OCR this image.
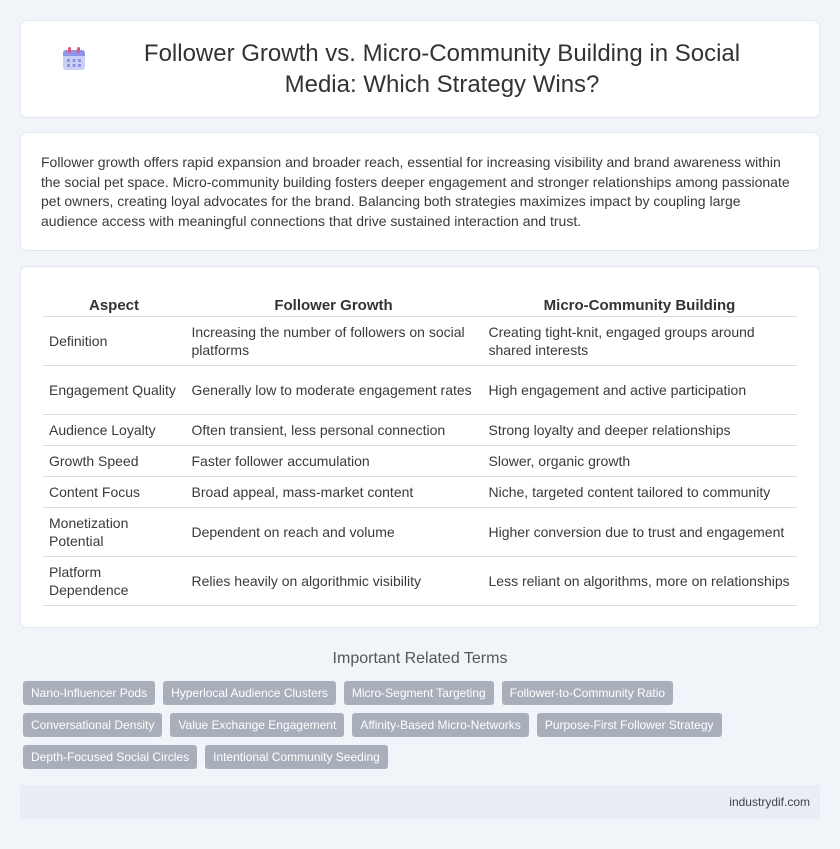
Follower Growth vs. Micro-Community Building in Social Media: Which Strategy Wins?

Follower growth offers rapid expansion and broader reach, essential for increasing visibility and brand awareness within the social pet space. Micro-community building fosters deeper engagement and stronger relationships among passionate pet owners, creating loyal advocates for the brand. Balancing both strategies maximizes impact by coupling large audience access with meaningful connections that drive sustained interaction and trust.

Aspect	Follower Growth	Micro-Community Building
Definition	Increasing the number of followers on social platforms	Creating tight-knit, engaged groups around shared interests
Engagement Quality	Generally low to moderate engagement rates	High engagement and active participation
Audience Loyalty	Often transient, less personal connection	Strong loyalty and deeper relationships
Growth Speed	Faster follower accumulation	Slower, organic growth
Content Focus	Broad appeal, mass-market content	Niche, targeted content tailored to community
Monetization Potential	Dependent on reach and volume	Higher conversion due to trust and engagement
Platform Dependence	Relies heavily on algorithmic visibility	Less reliant on algorithms, more on relationships
Important Related Terms
Nano-Influencer Pods	Hyperlocal Audience Clusters	Micro-Segment Targeting	Follower-to-Community Ratio
Conversational Density	Value Exchange Engagement	Affinity-Based Micro-Networks	Purpose-First Follower Strategy
Depth-Focused Social Circles	Intentional Community Seeding
industrydif.com
